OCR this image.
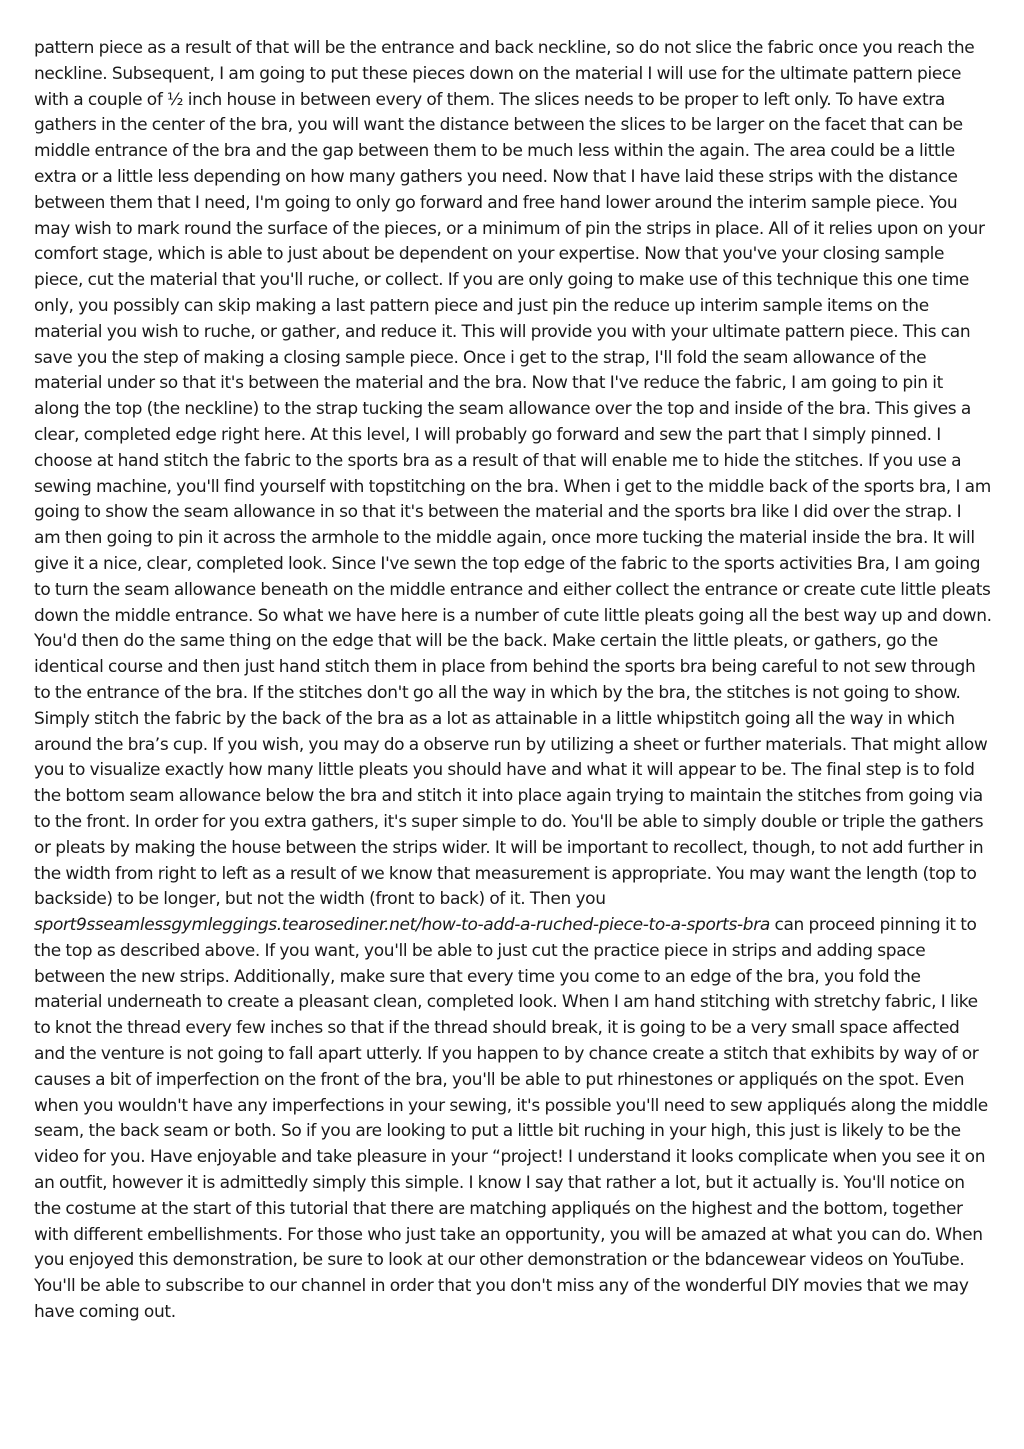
pattern piece as a result of that will be the entrance and back neckline, so do not slice the fabric once you reach the neckline. Subsequent, I am going to put these pieces down on the material I will use for the ultimate pattern piece with a couple of ½ inch house in between every of them. The slices needs to be proper to left only. To have extra gathers in the center of the bra, you will want the distance between the slices to be larger on the facet that can be middle entrance of the bra and the gap between them to be much less within the again. The area could be a little extra or a little less depending on how many gathers you need. Now that I have laid these strips with the distance between them that I need, I'm going to only go forward and free hand lower around the interim sample piece. You may wish to mark round the surface of the pieces, or a minimum of pin the strips in place. All of it relies upon on your comfort stage, which is able to just about be dependent on your expertise. Now that you've your closing sample piece, cut the material that you'll ruche, or collect. If you are only going to make use of this technique this one time only, you possibly can skip making a last pattern piece and just pin the reduce up interim sample items on the material you wish to ruche, or gather, and reduce it. This will provide you with your ultimate pattern piece. This can save you the step of making a closing sample piece. Once i get to the strap, I'll fold the seam allowance of the material under so that it's between the material and the bra. Now that I've reduce the fabric, I am going to pin it along the top (the neckline) to the strap tucking the seam allowance over the top and inside of the bra. This gives a clear, completed edge right here. At this level, I will probably go forward and sew the part that I simply pinned. I choose at hand stitch the fabric to the sports bra as a result of that will enable me to hide the stitches. If you use a sewing machine, you'll find yourself with topstitching on the bra. When i get to the middle back of the sports bra, I am going to show the seam allowance in so that it's between the material and the sports bra like I did over the strap. I am then going to pin it across the armhole to the middle again, once more tucking the material inside the bra. It will give it a nice, clear, completed look. Since I've sewn the top edge of the fabric to the sports activities Bra, I am going to turn the seam allowance beneath on the middle entrance and either collect the entrance or create cute little pleats down the middle entrance. So what we have here is a number of cute little pleats going all the best way up and down. You'd then do the same thing on the edge that will be the back. Make certain the little pleats, or gathers, go the identical course and then just hand stitch them in place from behind the sports bra being careful to not sew through to the entrance of the bra. If the stitches don't go all the way in which by the bra, the stitches is not going to show. Simply stitch the fabric by the back of the bra as a lot as attainable in a little whipstitch going all the way in which around the bra’s cup. If you wish, you may do a observe run by utilizing a sheet or further materials. That might allow you to visualize exactly how many little pleats you should have and what it will appear to be. The final step is to fold the bottom seam allowance below the bra and stitch it into place again trying to maintain the stitches from going via to the front. In order for you extra gathers, it's super simple to do. You'll be able to simply double or triple the gathers or pleats by making the house between the strips wider. It will be important to recollect, though, to not add further in the width from right to left as a result of we know that measurement is appropriate. You may want the length (top to backside) to be longer, but not the width (front to back) of it. Then you sport9sseamlessgymleggings.tearosediner.net/how-to-add-a-ruched-piece-to-a-sports-bra can proceed pinning it to the top as described above. If you want, you'll be able to just cut the practice piece in strips and adding space between the new strips. Additionally, make sure that every time you come to an edge of the bra, you fold the material underneath to create a pleasant clean, completed look. When I am hand stitching with stretchy fabric, I like to knot the thread every few inches so that if the thread should break, it is going to be a very small space affected and the venture is not going to fall apart utterly. If you happen to by chance create a stitch that exhibits by way of or causes a bit of imperfection on the front of the bra, you'll be able to put rhinestones or appliqués on the spot. Even when you wouldn't have any imperfections in your sewing, it's possible you'll need to sew appliqués along the middle seam, the back seam or both. So if you are looking to put a little bit ruching in your high, this just is likely to be the video for you. Have enjoyable and take pleasure in your “project! I understand it looks complicate when you see it on an outfit, however it is admittedly simply this simple. I know I say that rather a lot, but it actually is. You'll notice on the costume at the start of this tutorial that there are matching appliqués on the highest and the bottom, together with different embellishments. For those who just take an opportunity, you will be amazed at what you can do. When you enjoyed this demonstration, be sure to look at our other demonstration or the bdancewear videos on YouTube. You'll be able to subscribe to our channel in order that you don't miss any of the wonderful DIY movies that we may have coming out.
